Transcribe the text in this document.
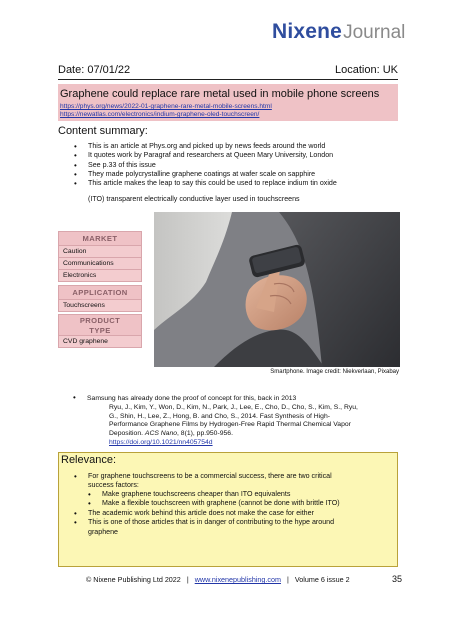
NixeneJournal
Date: 07/01/22	Location: UK
Graphene could replace rare metal used in mobile phone screens
https://phys.org/news/2022-01-graphene-rare-metal-mobile-screens.html
https://newatlas.com/electronics/indium-graphene-oled-touchscreen/
Content summary:
• This is an article at Phys.org and picked up by news feeds around the world
• It quotes work by Paragraf and researchers at Queen Mary University, London
• See p.33 of this issue
• They made polycrystalline graphene coatings at wafer scale on sapphire
• This article makes the leap to say this could be used to replace indium tin oxide
(ITO) transparent electrically conductive layer used in touchscreens
MARKET
Caution
Communications
Electronics
APPLICATION
Touchscreens
PRODUCT
TYPE
CVD graphene
Smartphone. Image credit: Niekverlaan, Pixabay
• Samsung has already done the proof of concept for this, back in 2013
Ryu, J., Kim, Y., Won, D., Kim, N., Park, J., Lee, E., Cho, D., Cho, S., Kim, S., Ryu,
G., Shin, H., Lee, Z., Hong, B. and Cho, S., 2014. Fast Synthesis of High-
Performance Graphene Films by Hydrogen-Free Rapid Thermal Chemical Vapor
Deposition. ACS Nano, 8(1), pp.950-956.
https://doi.org/10.1021/nn405754d
Relevance:
• For graphene touchscreens to be a commercial success, there are two critical
success factors:
• Make graphene touchscreens cheaper than ITO equivalents
• Make a flexible touchscreen with graphene (cannot be done with brittle ITO)
• The academic work behind this article does not make the case for either
• This is one of those articles that is in danger of contributing to the hype around
graphene
© Nixene Publishing Ltd 2022 | www.nixenepublishing.com | Volume 6 issue 2	35
